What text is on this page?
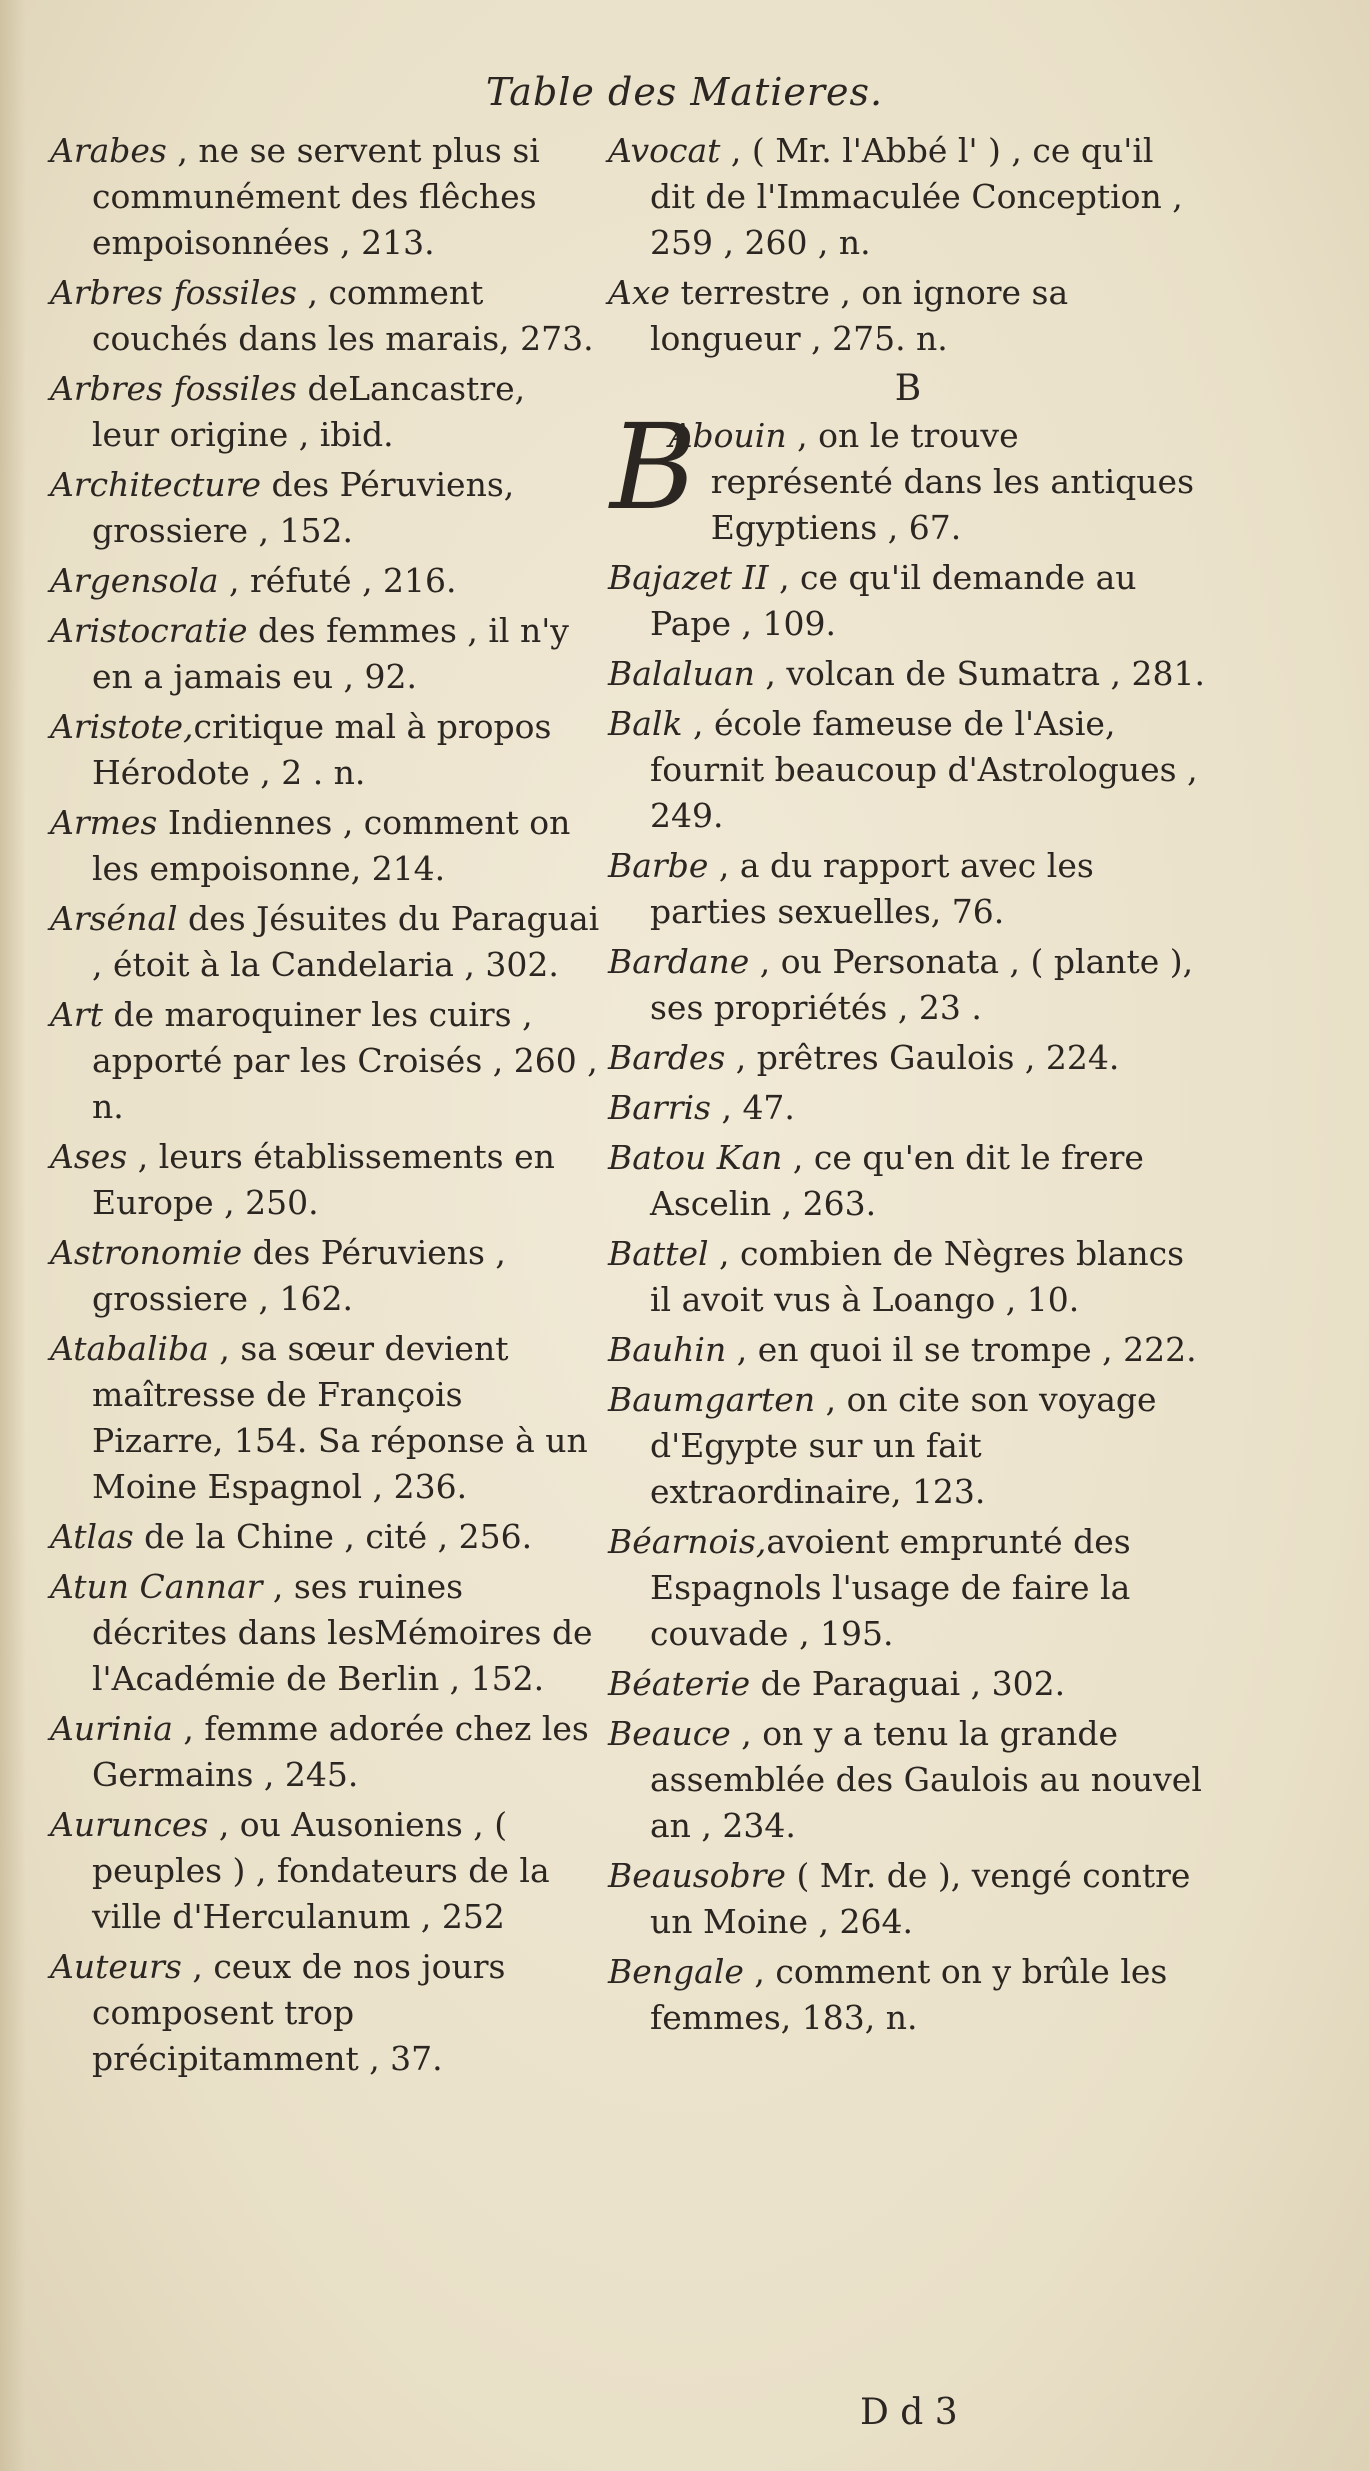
Table des Matieres.

Arabes , ne se servent plus si communément des flêches empoisonnées , 213.

Arbres fossiles , comment couchés dans les marais, 273.

Arbres fossiles deLancastre, leur origine , ibid.

Architecture des Péruviens, grossiere , 152.

Argensola , réfuté , 216.

Aristocratie des femmes , il n'y en a jamais eu , 92.

Aristote,critique mal à propos Hérodote , 2 . n.

Armes Indiennes , comment on les empoisonne, 214.

Arsénal des Jésuites du Paraguai , étoit à la Candelaria , 302.

Art de maroquiner les cuirs , apporté par les Croisés , 260 , n.

Ases , leurs établissements en Europe , 250.

Astronomie des Péruviens , grossiere , 162.

Atabaliba , sa sœur devient maîtresse de François Pizarre, 154. Sa réponse à un Moine Espagnol , 236.

Atlas de la Chine , cité , 256.

Atun Cannar , ses ruines décrites dans lesMémoires de l'Académie de Berlin , 152.

Aurinia , femme adorée chez les Germains , 245.

Aurunces , ou Ausoniens , ( peuples ) , fondateurs de la ville d'Herculanum , 252

Auteurs , ceux de nos jours composent trop précipitamment , 37.

Avocat , ( Mr. l'Abbé l' ) , ce qu'il dit de l'Immaculée Conception , 259 , 260 , n.

Axe terrestre , on ignore sa longueur , 275. n.

B

B
Abouin , on le trouve représenté dans les antiques Egyptiens , 67.

Bajazet II , ce qu'il demande au Pape , 109.

Balaluan , volcan de Sumatra , 281.

Balk , école fameuse de l'Asie, fournit beaucoup d'Astrologues , 249.

Barbe , a du rapport avec les parties sexuelles, 76.

Bardane , ou Personata , ( plante ), ses propriétés , 23 .

Bardes , prêtres Gaulois , 224.

Barris , 47.

Batou Kan , ce qu'en dit le frere Ascelin , 263.

Battel , combien de Nègres blancs il avoit vus à Loango , 10.

Bauhin , en quoi il se trompe , 222.

Baumgarten , on cite son voyage d'Egypte sur un fait extraordinaire, 123.

Béarnois,avoient emprunté des Espagnols l'usage de faire la couvade , 195.

Béaterie de Paraguai , 302.

Beauce , on y a tenu la grande assemblée des Gaulois au nouvel an , 234.

Beausobre ( Mr. de ), vengé contre un Moine , 264.

Bengale , comment on y brûle les femmes, 183, n.

D d 3
